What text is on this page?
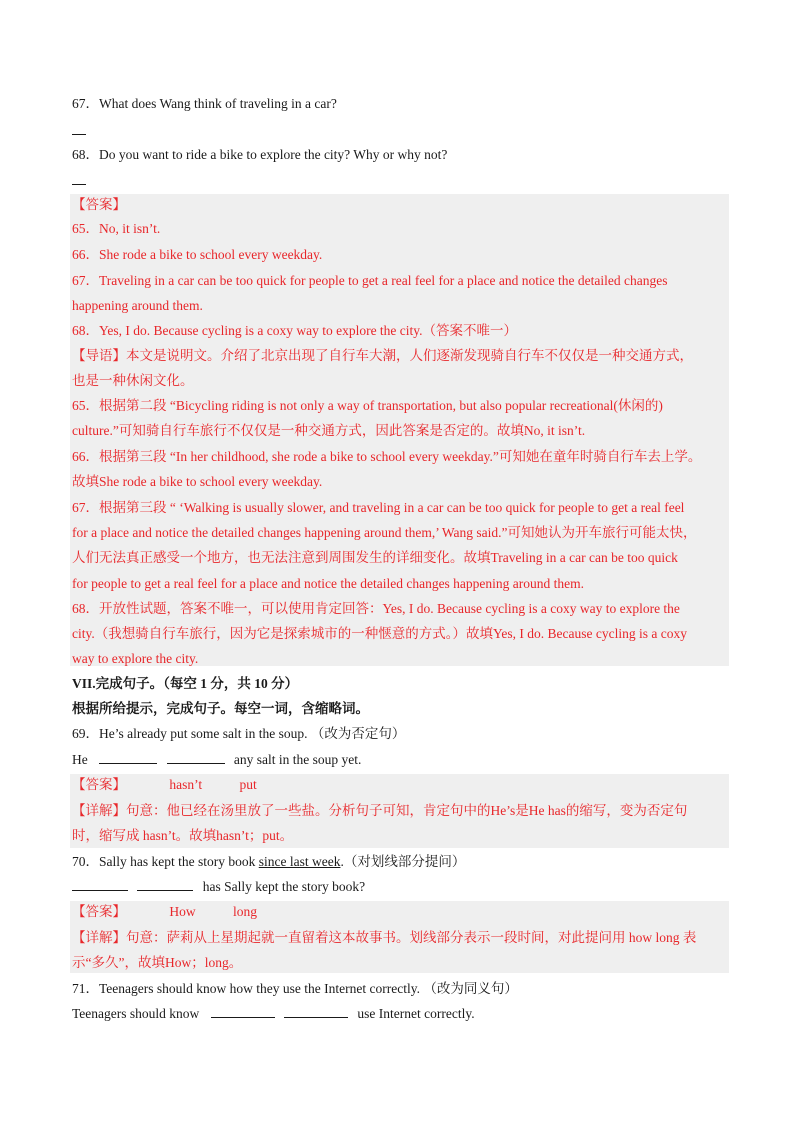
67．What does Wang think of traveling in a car?
68．Do you want to ride a bike to explore the city? Why or why not?
【答案】
65．No, it isn’t.
66．She rode a bike to school every weekday.
67．Traveling in a car can be too quick for people to get a real feel for a place and notice the detailed changes
happening around them.
68．Yes, I do. Because cycling is a coxy way to explore the city.（答案不唯一）
【导语】本文是说明文。介绍了北京出现了自行车大潮，人们逐渐发现骑自行车不仅仅是一种交通方式，
也是一种休闲文化。
65．根据第二段 “Bicycling riding is not only a way of transportation, but also popular recreational(休闲的)
culture.”可知骑自行车旅行不仅仅是一种交通方式，因此答案是否定的。故填No, it isn’t.
66．根据第三段 “In her childhood, she rode a bike to school every weekday.”可知她在童年时骑自行车去上学。
故填She rode a bike to school every weekday.
67．根据第三段 “ ‘Walking is usually slower, and traveling in a car can be too quick for people to get a real feel
for a place and notice the detailed changes happening around them,’ Wang said.”可知她认为开车旅行可能太快，
人们无法真正感受一个地方，也无法注意到周围发生的详细变化。故填Traveling in a car can be too quick
for people to get a real feel for a place and notice the detailed changes happening around them.
68．开放性试题，答案不唯一，可以使用肯定回答：Yes, I do. Because cycling is a coxy way to explore the
city.（我想骑自行车旅行，因为它是探索城市的一种惬意的方式。）故填Yes, I do. Because cycling is a coxy
way to explore the city.
VII.完成句子。（每空 1 分，共 10 分）
根据所给提示，完成句子。每空一词，含缩略词。
69．He’s already put some salt in the soup. （改为否定句）
He	any salt in the soup yet.
【答案】	hasn’t	put
【详解】句意：他已经在汤里放了一些盐。分析句子可知，肯定句中的He’s是He has的缩写，变为否定句
时，缩写成 hasn’t。故填hasn’t；put。
70．Sally has kept the story book since last week.（对划线部分提问）
has Sally kept the story book?
【答案】	How	long
【详解】句意：萨莉从上星期起就一直留着这本故事书。划线部分表示一段时间，对此提问用 how long 表
示“多久”，故填How；long。
71．Teenagers should know how they use the Internet correctly. （改为同义句）
Teenagers should know	use Internet correctly.
